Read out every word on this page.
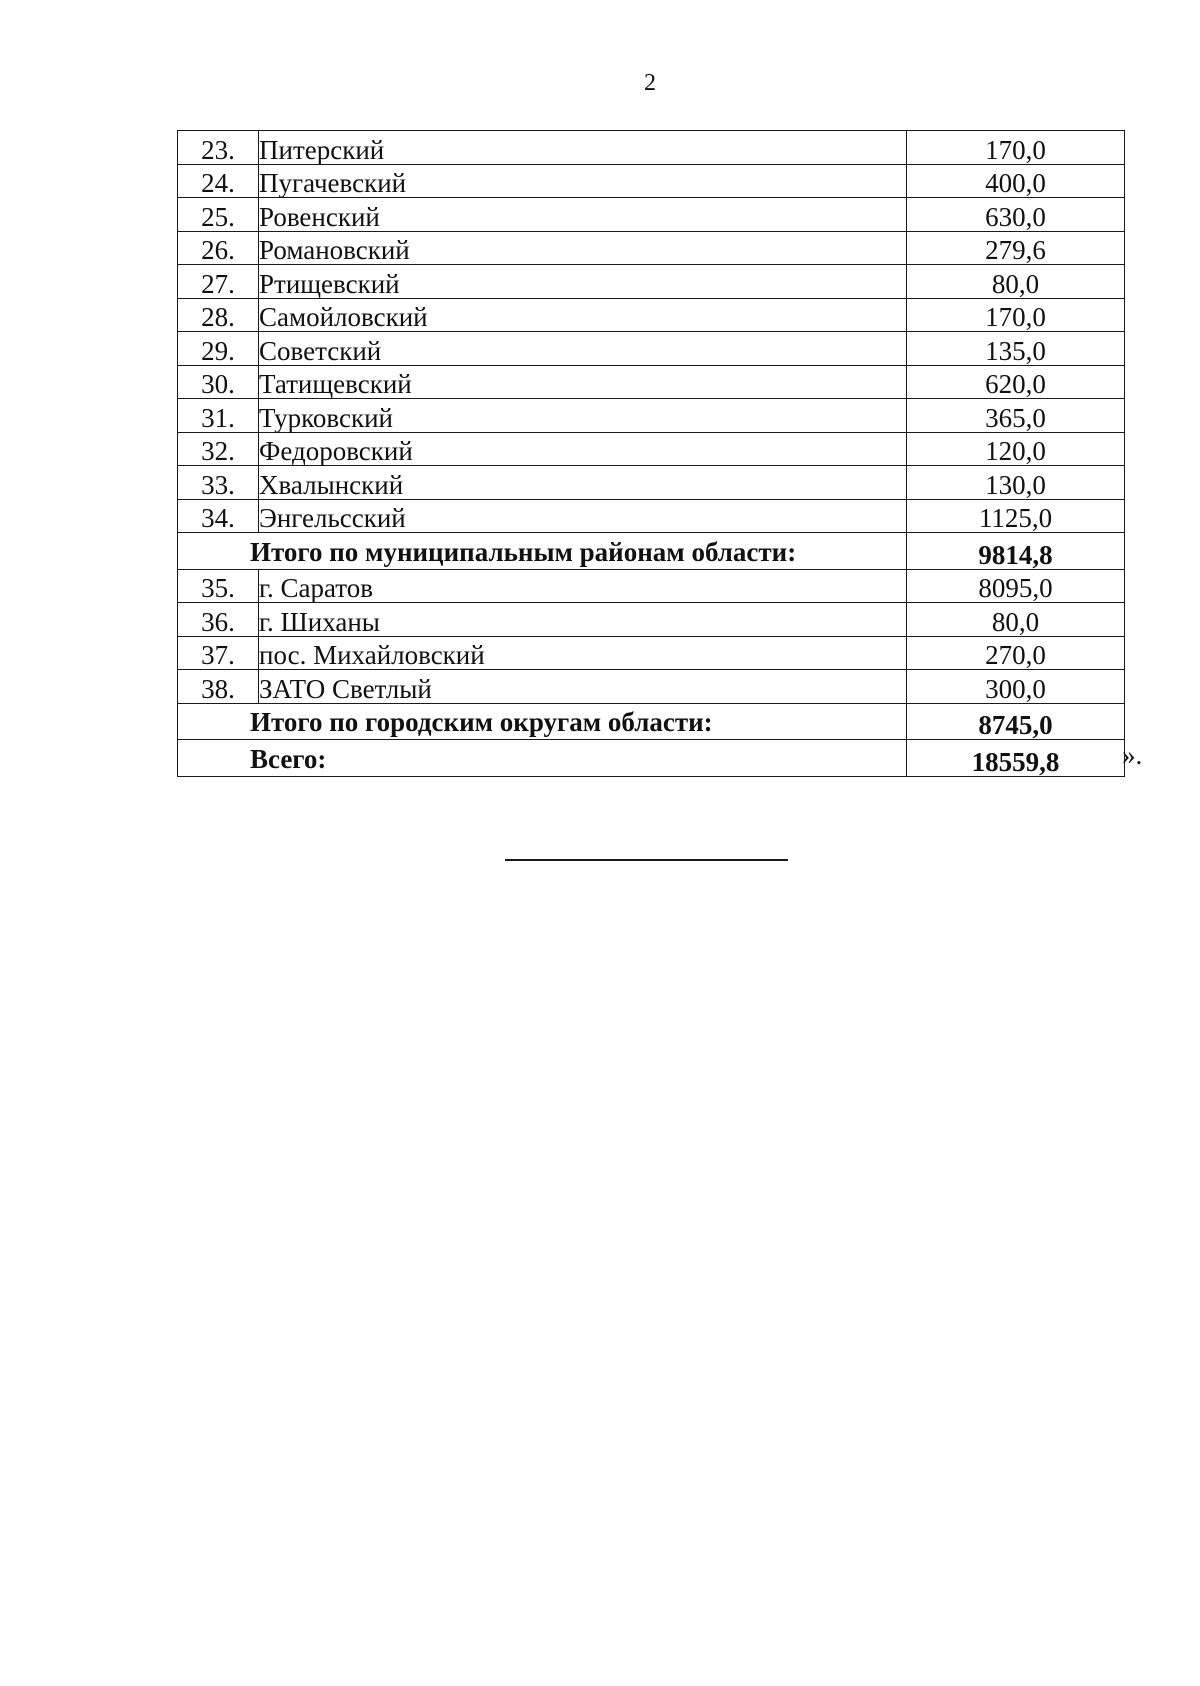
2
23.	Питерский	170,0
24.	Пугачевский	400,0
25.	Ровенский	630,0
26.	Романовский	279,6
27.	Ртищевский	80,0
28.	Самойловский	170,0
29.	Советский	135,0
30.	Татищевский	620,0
31.	Турковский	365,0
32.	Федоровский	120,0
33.	Хвалынский	130,0
34.	Энгельсский	1125,0
Итого по муниципальным районам области:		9814,8
35.	г. Саратов	8095,0
36.	г. Шиханы	80,0
37.	пос. Михайловский	270,0
38.	ЗАТО Светлый	300,0
Итого по городским округам области:		8745,0
Всего:		18559,8 ».
